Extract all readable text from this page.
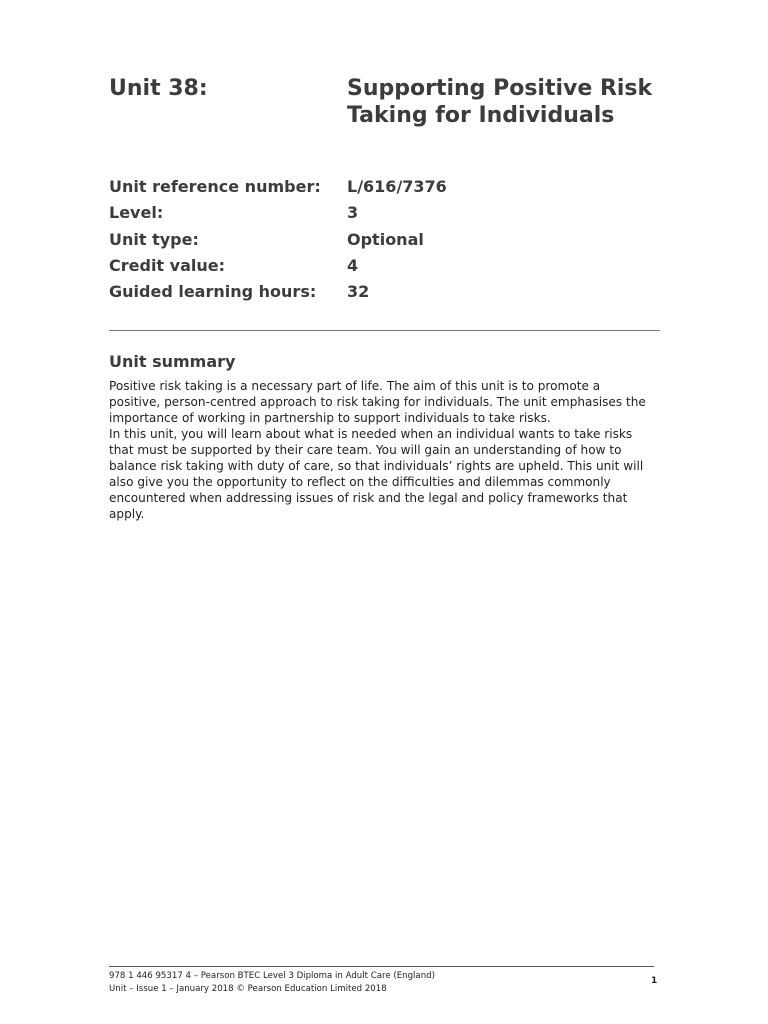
Unit 38:	Supporting Positive Risk Taking for Individuals
Unit reference number: L/616/7376
Level:	3
Unit type:	Optional
Credit value:	4
Guided learning hours: 32
Unit summary

Positive risk taking is a necessary part of life. The aim of this unit is to promote a positive, person-centred approach to risk taking for individuals. The unit emphasises the importance of working in partnership to support individuals to take risks.

In this unit, you will learn about what is needed when an individual wants to take risks that must be supported by their care team. You will gain an understanding of how to balance risk taking with duty of care, so that individuals’ rights are upheld. This unit will also give you the opportunity to reflect on the difficulties and dilemmas commonly encountered when addressing issues of risk and the legal and policy frameworks that apply.

978 1 446 95317 4 – Pearson BTEC Level 3 Diploma in Adult Care (England)
Unit – Issue 1 – January 2018 © Pearson Education Limited 2018
1
